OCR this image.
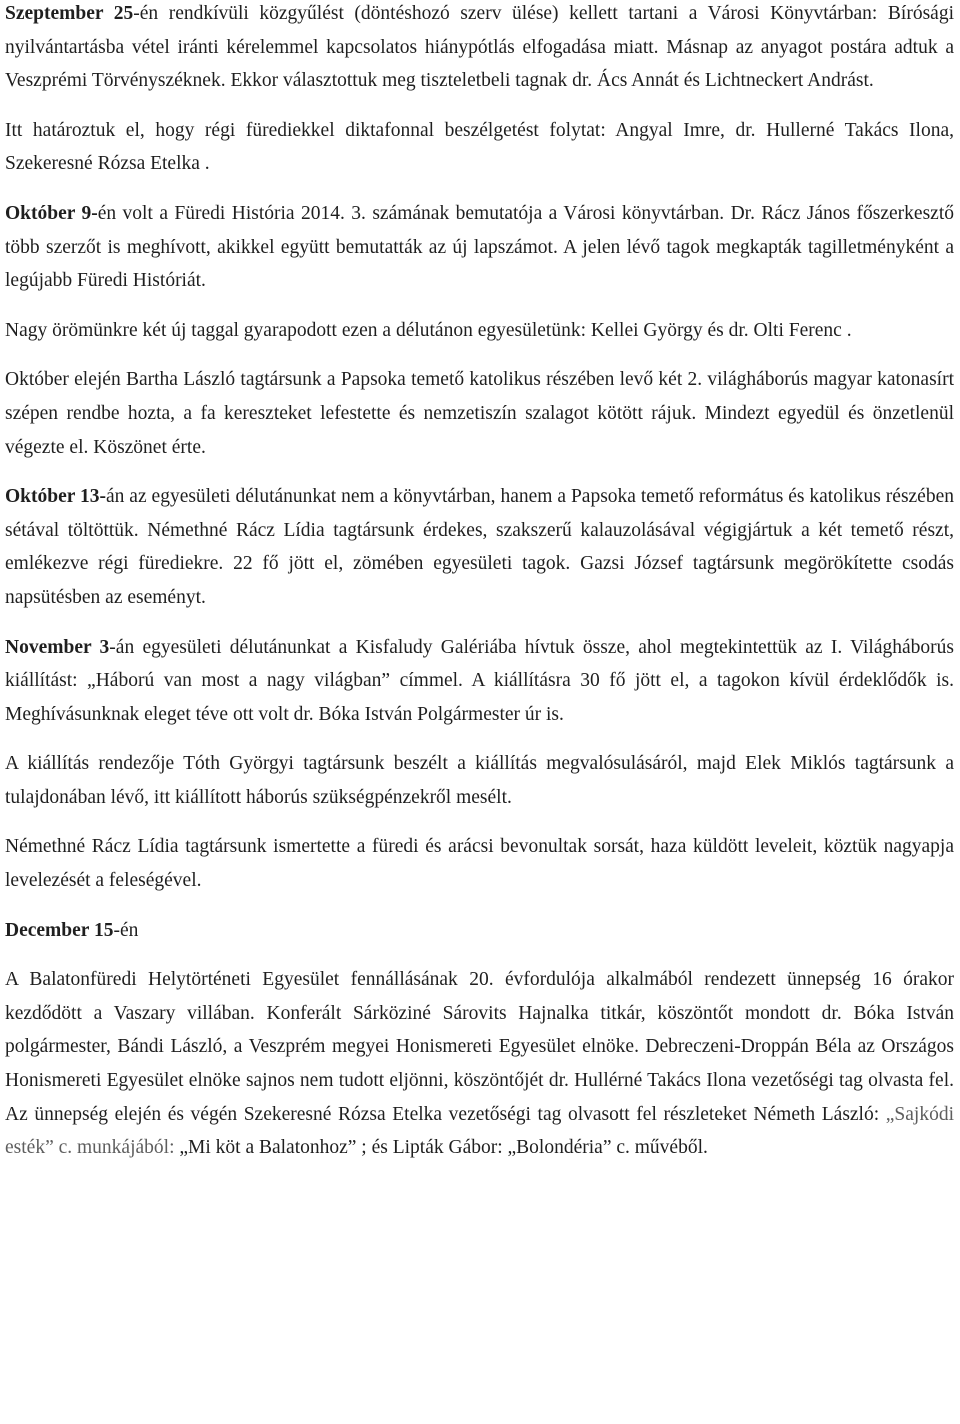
Szeptember 25-én rendkívüli közgyűlést (döntéshozó szerv ülése) kellett tartani a Városi Könyvtárban: Bírósági nyilvántartásba vétel iránti kérelemmel kapcsolatos hiánypótlás elfogadása miatt. Másnap az anyagot postára adtuk a Veszprémi Törvényszéknek. Ekkor választottuk meg tiszteletbeli tagnak dr. Ács Annát és Lichtneckert Andrást.

Itt határoztuk el, hogy régi fürediekkel diktafonnal beszélgetést folytat: Angyal Imre, dr. Hullerné Takács Ilona, Szekeresné Rózsa Etelka .

Október 9-én volt a Füredi História 2014. 3. számának bemutatója a Városi könyvtárban. Dr. Rácz János főszerkesztő több szerzőt is meghívott, akikkel együtt bemutatták az új lapszámot. A jelen lévő tagok megkapták tagilletményként a legújabb Füredi Históriát.

Nagy örömünkre két új taggal gyarapodott ezen a délutánon egyesületünk: Kellei György és dr. Olti Ferenc .

Október elején Bartha László tagtársunk a Papsoka temető katolikus részében levő két 2. világháborús magyar katonasírt szépen rendbe hozta, a fa kereszteket lefestette és nemzetiszín szalagot kötött rájuk. Mindezt egyedül és önzetlenül végezte el. Köszönet érte.

Október 13-án az egyesületi délutánunkat nem a könyvtárban, hanem a Papsoka temető református és katolikus részében sétával töltöttük. Némethné Rácz Lídia tagtársunk érdekes, szakszerű kalauzolásával végigjártuk a két temető részt, emlékezve régi fürediekre. 22 fő jött el, zömében egyesületi tagok. Gazsi József tagtársunk megörökítette csodás napsütésben az eseményt.

November 3-án egyesületi délutánunkat a Kisfaludy Galériába hívtuk össze, ahol megtekintettük az I. Világháborús kiállítást: „Háború van most a nagy világban” címmel. A kiállításra 30 fő jött el, a tagokon kívül érdeklődők is. Meghívásunknak eleget téve ott volt dr. Bóka István Polgármester úr is.

A kiállítás rendezője Tóth Györgyi tagtársunk beszélt a kiállítás megvalósulásáról, majd Elek Miklós tagtársunk a tulajdonában lévő, itt kiállított háborús szükségpénzekről mesélt.

Némethné Rácz Lídia tagtársunk ismertette a füredi és arácsi bevonultak sorsát, haza küldött leveleit, köztük nagyapja levelezését a feleségével.

December 15-én

A Balatonfüredi Helytörténeti Egyesület fennállásának 20. évfordulója alkalmából rendezett ünnepség 16 órakor kezdődött a Vaszary villában. Konferált Sárköziné Sárovits Hajnalka titkár, köszöntőt mondott dr. Bóka István polgármester, Bándi László, a Veszprém megyei Honismereti Egyesület elnöke. Debreczeni-Droppán Béla az Országos Honismereti Egyesület elnöke sajnos nem tudott eljönni, köszöntőjét dr. Hullérné Takács Ilona vezetőségi tag olvasta fel. Az ünnepség elején és végén Szekeresné Rózsa Etelka vezetőségi tag olvasott fel részleteket Németh László: „Sajkódi esték” c. munkájából: „Mi köt a Balatonhoz” ; és Lipták Gábor: „Bolondéria” c. művéből.
